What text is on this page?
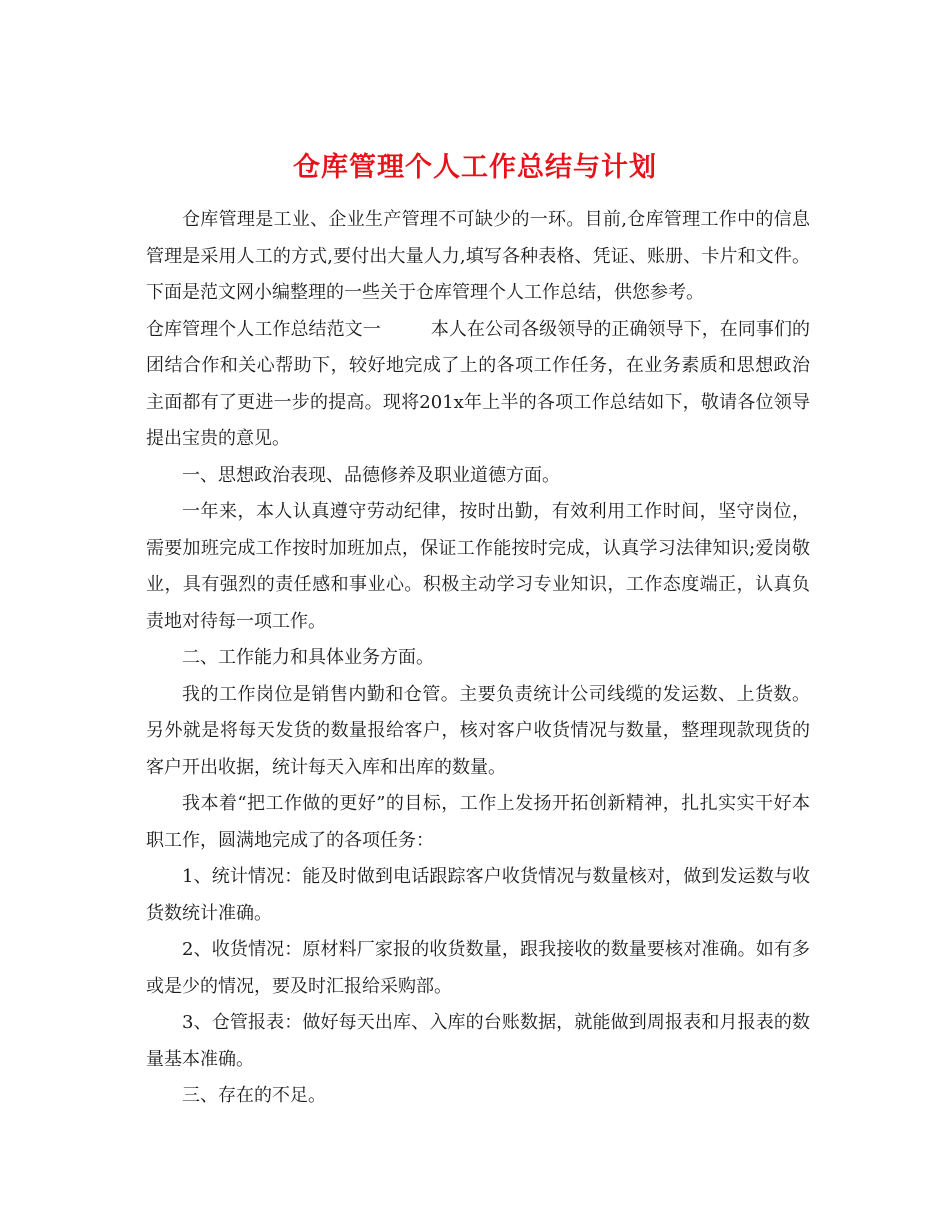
仓库管理个人工作总结与计划

仓库管理是工业、企业生产管理不可缺少的一环。目前,仓库管理工作中的信息管理是采用人工的方式,要付出大量人力,填写各种表格、凭证、账册、卡片和文件。下面是范文网小编整理的一些关于仓库管理个人工作总结，供您参考。

仓库管理个人工作总结范文一	本人在公司各级领导的正确领导下，在同事们的团结合作和关心帮助下，较好地完成了上的各项工作任务，在业务素质和思想政治主面都有了更进一步的提高。现将201x年上半的各项工作总结如下，敬请各位领导提出宝贵的意见。

一、思想政治表现、品德修养及职业道德方面。

一年来，本人认真遵守劳动纪律，按时出勤，有效利用工作时间，坚守岗位，需要加班完成工作按时加班加点，保证工作能按时完成，认真学习法律知识;爱岗敬业，具有强烈的责任感和事业心。积极主动学习专业知识，工作态度端正，认真负责地对待每一项工作。

二、工作能力和具体业务方面。

我的工作岗位是销售内勤和仓管。主要负责统计公司线缆的发运数、上货数。另外就是将每天发货的数量报给客户，核对客户收货情况与数量，整理现款现货的客户开出收据，统计每天入库和出库的数量。

我本着“把工作做的更好”的目标，工作上发扬开拓创新精神，扎扎实实干好本职工作，圆满地完成了的各项任务：

1、统计情况：能及时做到电话跟踪客户收货情况与数量核对，做到发运数与收货数统计准确。

2、收货情况：原材料厂家报的收货数量，跟我接收的数量要核对准确。如有多或是少的情况，要及时汇报给采购部。

3、仓管报表：做好每天出库、入库的台账数据，就能做到周报表和月报表的数量基本准确。

三、存在的不足。
